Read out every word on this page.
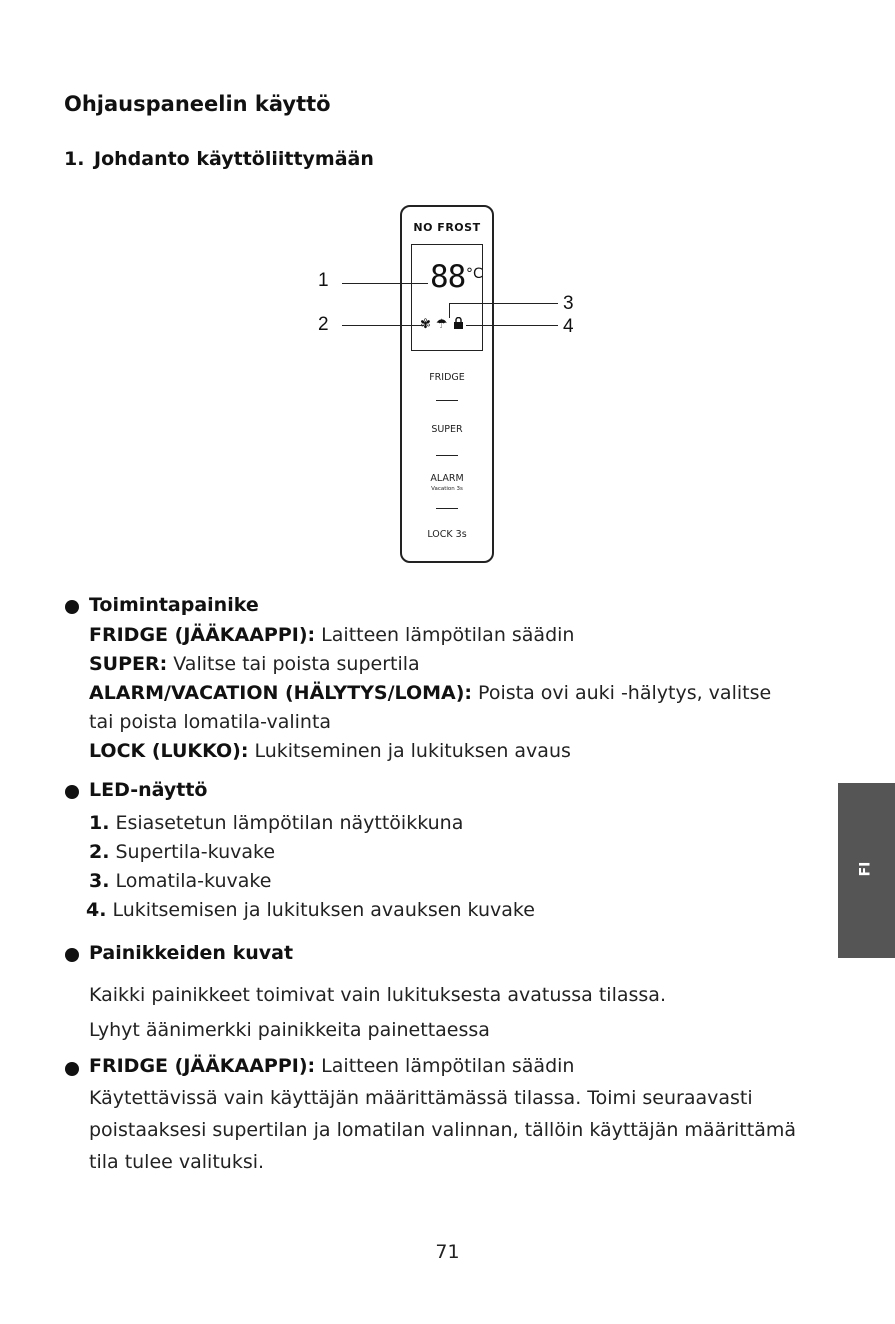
Ohjauspaneelin käyttö
1. Johdanto käyttöliittymään
NO FROST
88 °C
✾ ☂
FRIDGE
SUPER
ALARM
Vacation 3s
LOCK 3s
1
2
3
4
Toimintapainike
FRIDGE (JÄÄKAAPPI): Laitteen lämpötilan säädin
SUPER: Valitse tai poista supertila
ALARM/VACATION (HÄLYTYS/LOMA): Poista ovi auki -hälytys, valitse
tai poista lomatila-valinta
LOCK (LUKKO): Lukitseminen ja lukituksen avaus
LED-näyttö
1. Esiasetetun lämpötilan näyttöikkuna
2. Supertila-kuvake
3. Lomatila-kuvake
4. Lukitsemisen ja lukituksen avauksen kuvake
Painikkeiden kuvat
Kaikki painikkeet toimivat vain lukituksesta avatussa tilassa.
Lyhyt äänimerkki painikkeita painettaessa
FRIDGE (JÄÄKAAPPI): Laitteen lämpötilan säädin
Käytettävissä vain käyttäjän määrittämässä tilassa. Toimi seuraavasti
poistaaksesi supertilan ja lomatilan valinnan, tällöin käyttäjän määrittämä
tila tulee valituksi.
FI
71
